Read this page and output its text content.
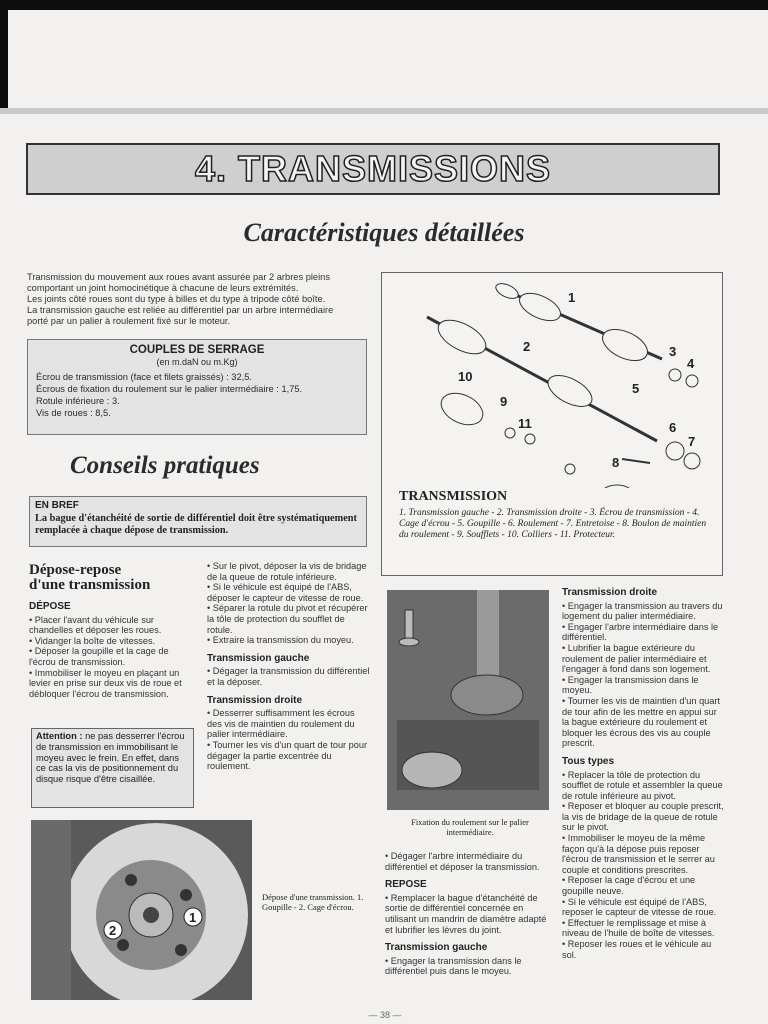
4. TRANSMISSIONS
Caractéristiques détaillées
Transmission du mouvement aux roues avant assurée par 2 arbres pleins
comportant un joint homocinétique à chacune de leurs extrémités.
Les joints côté roues sont du type à billes et du type à tripode côté boîte.
La transmission gauche est reliée au différentiel par un arbre intermédiaire
porté par un palier à roulement fixé sur le moteur.
COUPLES DE SERRAGE
(en m.daN ou m.Kg)
Écrou de transmission (face et filets graissés) : 32,5.
Écrous de fixation du roulement sur le palier intermédiaire : 1,75.
Rotule inférieure : 3.
Vis de roues : 8,5.
Conseils pratiques
EN BREF
La bague d'étanchéité de sortie de différentiel doit être systématiquement remplacée à chaque dépose de transmission.
1
2	3
4
5
6
7
8
9
10
11
TRANSMISSION
1. Transmission gauche - 2. Transmission droite - 3. Écrou de transmission - 4. Cage d'écrou - 5. Goupille - 6. Roulement - 7. Entretoise - 8. Boulon de maintien du roulement - 9. Soufflets - 10. Colliers - 11. Protecteur.
Dépose-repose
d'une transmission
DÉPOSE

• Placer l'avant du véhicule sur chandelles et déposer les roues.

• Vidanger la boîte de vitesses.

• Déposer la goupille et la cage de l'écrou de transmission.

• Immobiliser le moyeu en plaçant un levier en prise sur deux vis de roue et débloquer l'écrou de transmission.

Attention : ne pas desserrer l'écrou de transmission en immobilisant le moyeu avec le frein. En effet, dans ce cas la vis de positionnement du disque risque d'être cisaillée.

• Sur le pivot, déposer la vis de bridage de la queue de rotule inférieure.

• Si le véhicule est équipé de l'ABS, déposer le capteur de vitesse de roue.

• Séparer la rotule du pivot et récupérer la tôle de protection du soufflet de rotule.

• Extraire la transmission du moyeu.

Transmission gauche

• Dégager la transmission du différentiel et la déposer.

Transmission droite

• Desserrer suffisamment les écrous des vis de maintien du roulement du palier intermédiaire.

• Tourner les vis d'un quart de tour pour dégager la partie excentrée du roulement.

1
2
Dépose d'une transmission. 1. Goupille - 2. Cage d'écrou.
Fixation du roulement sur le palier intermédiaire.

• Dégager l'arbre intermédiaire du différentiel et déposer la transmission.

REPOSE

• Remplacer la bague d'étanchéité de sortie de différentiel concernée en utilisant un mandrin de diamètre adapté et lubrifier les lèvres du joint.

Transmission gauche

• Engager la transmission dans le différentiel puis dans le moyeu.

Transmission droite

• Engager la transmission au travers du logement du palier intermédiaire.

• Engager l'arbre intermédiaire dans le différentiel.

• Lubrifier la bague extérieure du roulement de palier intermédiaire et l'engager à fond dans son logement.

• Engager la transmission dans le moyeu.

• Tourner les vis de maintien d'un quart de tour afin de les mettre en appui sur la bague extérieure du roulement et bloquer les écrous des vis au couple prescrit.

Tous types

• Replacer la tôle de protection du soufflet de rotule et assembler la queue de rotule inférieure au pivot.

• Reposer et bloquer au couple prescrit, la vis de bridage de la queue de rotule sur le pivot.

• Immobiliser le moyeu de la même façon qu'à la dépose puis reposer l'écrou de transmission et le serrer au couple et conditions prescrites.

• Reposer la cage d'écrou et une goupille neuve.

• Si le véhicule est équipé de l'ABS, reposer le capteur de vitesse de roue.

• Effectuer le remplissage et mise à niveau de l'huile de boîte de vitesses.

• Reposer les roues et le véhicule au sol.

— 38 —
